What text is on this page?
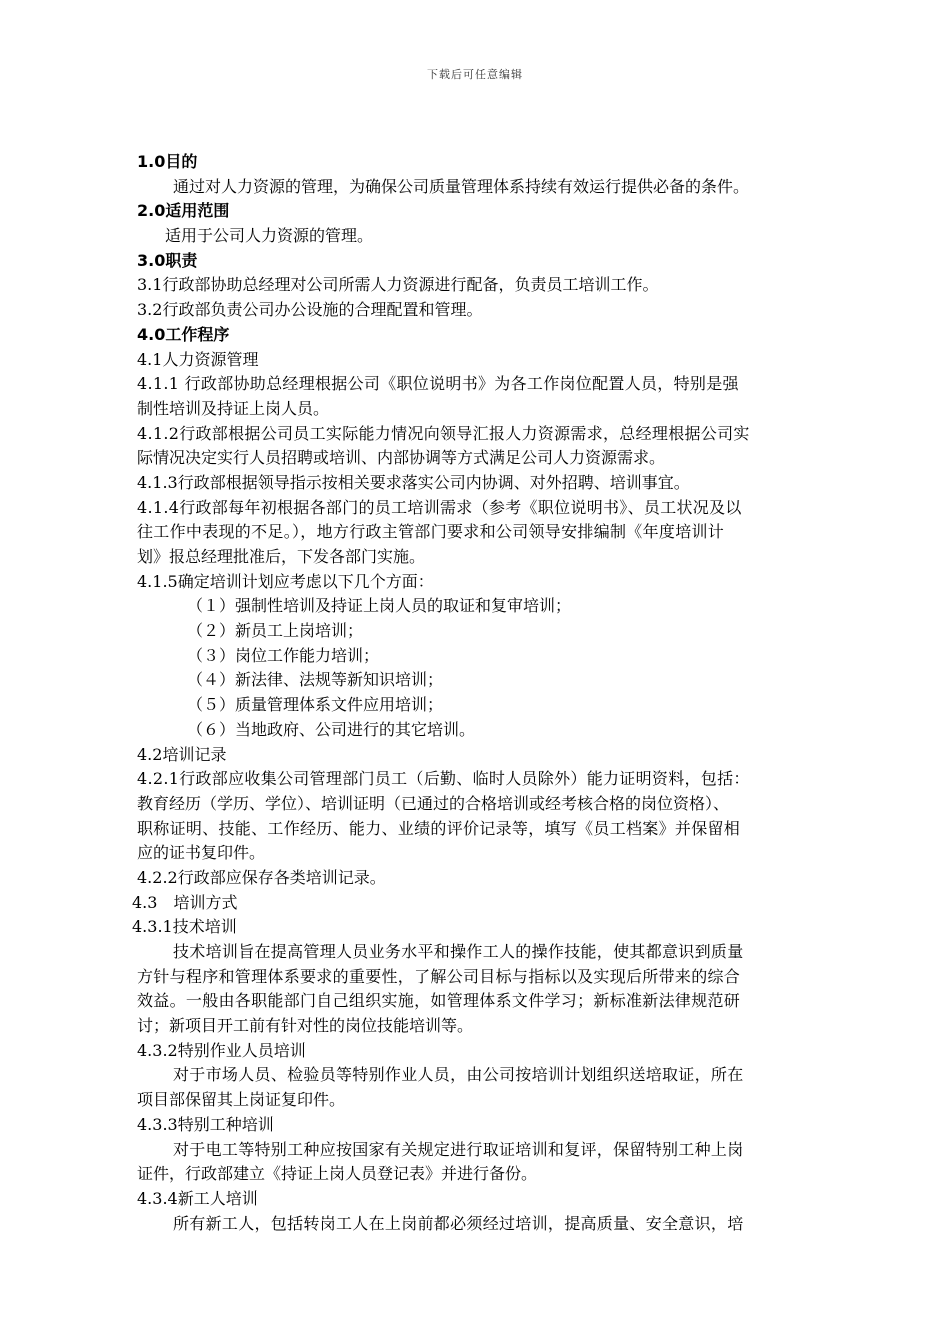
下载后可任意编辑
1.0目的
通过对人力资源的管理，为确保公司质量管理体系持续有效运行提供必备的条件。
2.0适用范围
适用于公司人力资源的管理。
3.0职责
3.1行政部协助总经理对公司所需人力资源进行配备，负责员工培训工作。
3.2行政部负责公司办公设施的合理配置和管理。
4.0工作程序
4.1人力资源管理
4.1.1 行政部协助总经理根据公司《职位说明书》为各工作岗位配置人员，特别是强
制性培训及持证上岗人员。
4.1.2行政部根据公司员工实际能力情况向领导汇报人力资源需求，总经理根据公司实
际情况决定实行人员招聘或培训、内部协调等方式满足公司人力资源需求。
4.1.3行政部根据领导指示按相关要求落实公司内协调、对外招聘、培训事宜。
4.1.4行政部每年初根据各部门的员工培训需求（参考《职位说明书》、员工状况及以
往工作中表现的不足。），地方行政主管部门要求和公司领导安排编制《年度培训计
划》报总经理批准后，下发各部门实施。
4.1.5确定培训计划应考虑以下几个方面：
（１）强制性培训及持证上岗人员的取证和复审培训；
（２）新员工上岗培训；
（３）岗位工作能力培训；
（４）新法律、法规等新知识培训；
（５）质量管理体系文件应用培训；
（６）当地政府、公司进行的其它培训。
4.2培训记录
4.2.1行政部应收集公司管理部门员工（后勤、临时人员除外）能力证明资料，包括：
教育经历（学历、学位）、培训证明（已通过的合格培训或经考核合格的岗位资格）、
职称证明、技能、工作经历、能力、业绩的评价记录等，填写《员工档案》并保留相
应的证书复印件。
4.2.2行政部应保存各类培训记录。
4.3　培训方式
4.3.1技术培训
技术培训旨在提高管理人员业务水平和操作工人的操作技能，使其都意识到质量
方针与程序和管理体系要求的重要性，了解公司目标与指标以及实现后所带来的综合
效益。一般由各职能部门自己组织实施，如管理体系文件学习；新标准新法律规范研
讨；新项目开工前有针对性的岗位技能培训等。
4.3.2特别作业人员培训
对于市场人员、检验员等特别作业人员，由公司按培训计划组织送培取证，所在
项目部保留其上岗证复印件。
4.3.3特别工种培训
对于电工等特别工种应按国家有关规定进行取证培训和复评，保留特别工种上岗
证件，行政部建立《持证上岗人员登记表》并进行备份。
4.3.4新工人培训
所有新工人，包括转岗工人在上岗前都必须经过培训，提高质量、安全意识，培
